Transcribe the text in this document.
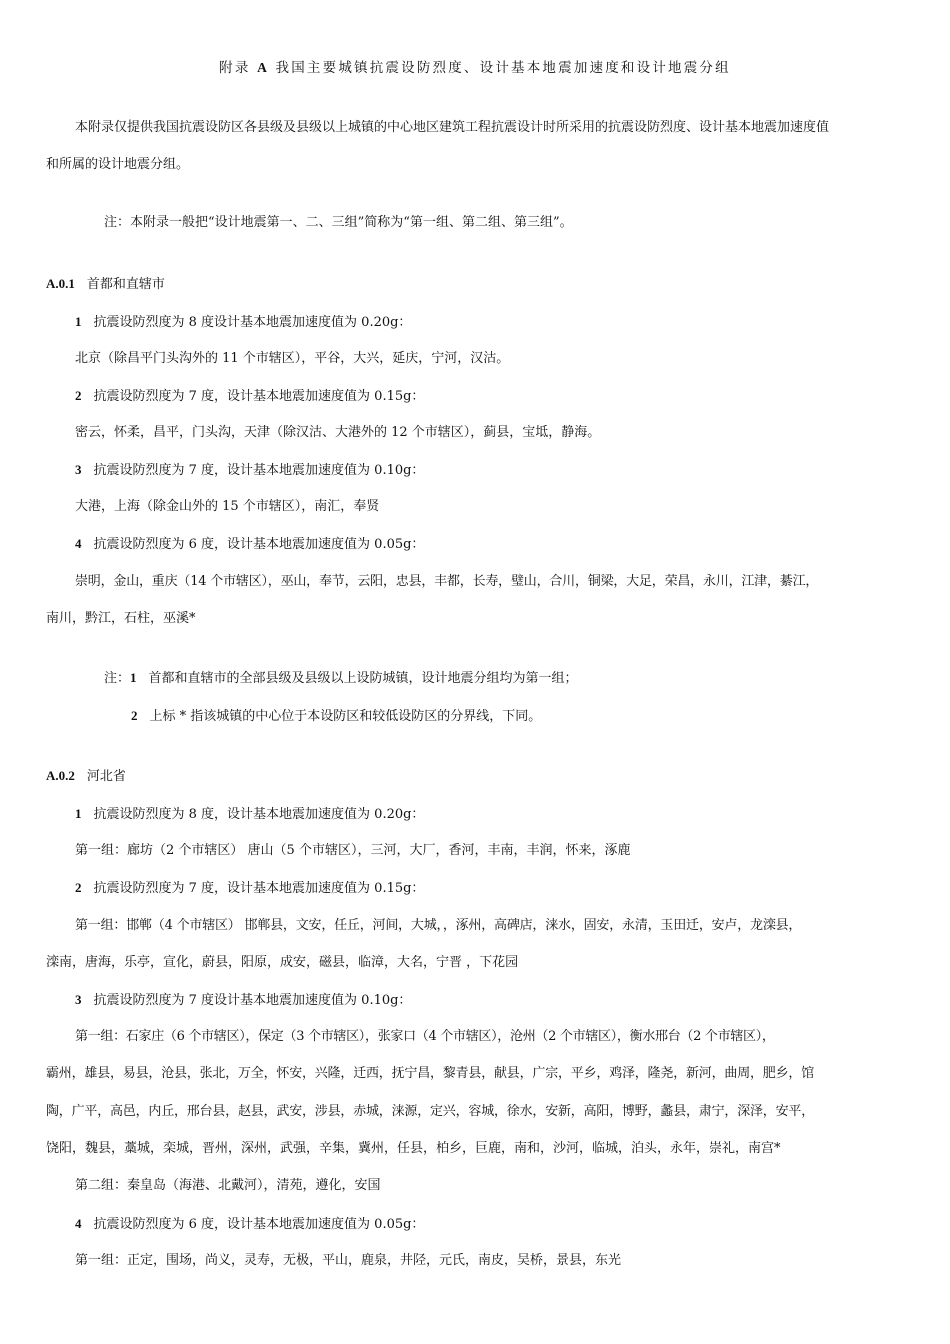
附录 A 我国主要城镇抗震设防烈度、设计基本地震加速度和设计地震分组
本附录仅提供我国抗震设防区各县级及县级以上城镇的中心地区建筑工程抗震设计时所采用的抗震设防烈度、设计基本地震加速度值
和所属的设计地震分组。
注：本附录一般把“设计地震第一、二、三组”简称为“第一组、第二组、第三组”。
A.0.1 首都和直辖市
1 抗震设防烈度为 8 度设计基本地震加速度值为 0.20g：
北京（除昌平门头沟外的 11 个市辖区），平谷，大兴，延庆，宁河，汉沽。
2 抗震设防烈度为 7 度，设计基本地震加速度值为 0.15g：
密云，怀柔，昌平，门头沟，天津（除汉沽、大港外的 12 个市辖区），蓟县，宝坻，静海。
3 抗震设防烈度为 7 度，设计基本地震加速度值为 0.10g：
大港，上海（除金山外的 15 个市辖区），南汇，奉贤
4 抗震设防烈度为 6 度，设计基本地震加速度值为 0.05g：
崇明，金山，重庆（14 个市辖区），巫山，奉节，云阳，忠县，丰都，长寿，璧山，合川，铜梁，大足，荣昌，永川，江津，綦江，
南川，黔江，石柱，巫溪*
注：1 首都和直辖市的全部县级及县级以上设防城镇，设计地震分组均为第一组；
2 上标 * 指该城镇的中心位于本设防区和较低设防区的分界线，下同。
A.0.2 河北省
1 抗震设防烈度为 8 度，设计基本地震加速度值为 0.20g：
第一组：廊坊（2 个市辖区） 唐山（5 个市辖区），三河，大厂，香河，丰南，丰润，怀来，涿鹿
2 抗震设防烈度为 7 度，设计基本地震加速度值为 0.15g：
第一组：邯郸（4 个市辖区） 邯郸县，文安，任丘，河间，大城，，涿州，高碑店，涞水，固安，永清，玉田迁，安卢，龙滦县，
滦南，唐海，乐亭，宣化，蔚县，阳原，成安，磁县，临漳，大名，宁晋 ，下花园
3 抗震设防烈度为 7 度设计基本地震加速度值为 0.10g：
第一组：石家庄（6 个市辖区），保定（3 个市辖区），张家口（4 个市辖区），沧州（2 个市辖区），衡水邢台（2 个市辖区），
霸州，雄县，易县，沧县，张北，万全，怀安，兴隆，迁西，抚宁昌，黎青县，献县，广宗，平乡，鸡泽，隆尧，新河，曲周，肥乡，馆
陶，广平，高邑，内丘，邢台县，赵县，武安，涉县，赤城，涞源，定兴，容城，徐水，安新，高阳，博野，蠡县，肃宁，深泽，安平，
饶阳，魏县，藁城，栾城，晋州，深州，武强，辛集，冀州，任县，柏乡，巨鹿，南和，沙河，临城，泊头，永年，崇礼，南宫*
第二组：秦皇岛（海港、北戴河），清苑，遵化，安国
4 抗震设防烈度为 6 度，设计基本地震加速度值为 0.05g：
第一组：正定，围场，尚义，灵寿，无极，平山，鹿泉，井陉，元氏，南皮，吴桥，景县，东光
